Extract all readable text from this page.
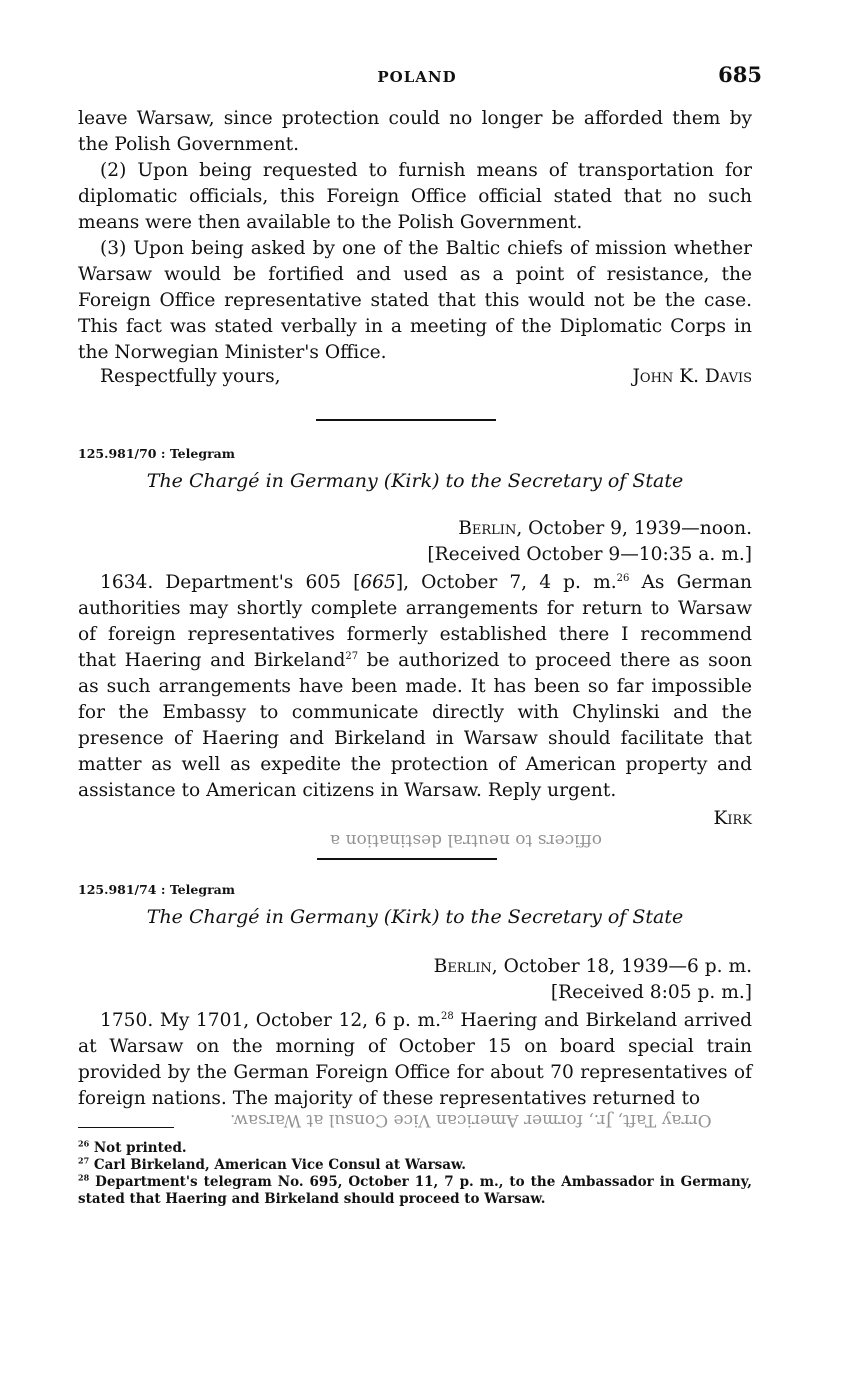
POLAND	685

leave Warsaw, since protection could no longer be afforded them by the Polish Government.

(2) Upon being requested to furnish means of transportation for diplomatic officials, this Foreign Office official stated that no such means were then available to the Polish Government.

(3) Upon being asked by one of the Baltic chiefs of mission whether Warsaw would be fortified and used as a point of resistance, the Foreign Office representative stated that this would not be the case. This fact was stated verbally in a meeting of the Diplomatic Corps in the Norwegian Minister's Office.

Respectfully yours,	John K. Davis
125.981/70 : Telegram
The Chargé in Germany (Kirk) to the Secretary of State
Berlin, October 9, 1939—noon.
[Received October 9—10:35 a. m.]
1634. Department's 605 [665], October 7, 4 p. m.$^{26}$ As German authorities may shortly complete arrangements for return to Warsaw of foreign representatives formerly established there I recommend that Haering and Birkeland$^{27}$ be authorized to proceed there as soon as such arrangements have been made. It has been so far impossible for the Embassy to communicate directly with Chylinski and the presence of Haering and Birkeland in Warsaw should facilitate that matter as well as expedite the protection of American property and assistance to American citizens in Warsaw. Reply urgent.
Kirk
125.981/74 : Telegram
The Chargé in Germany (Kirk) to the Secretary of State
Berlin, October 18, 1939—6 p. m.
[Received 8:05 p. m.]
1750. My 1701, October 12, 6 p. m.$^{28}$ Haering and Birkeland arrived at Warsaw on the morning of October 15 on board special train provided by the German Foreign Office for about 70 representatives of foreign nations. The majority of these representatives returned to
officers to neutral destination a
Orray Taft, Jr., former American Vice Consul at Warsaw.
$^{26}$ Not printed.
$^{27}$ Carl Birkeland, American Vice Consul at Warsaw.
$^{28}$ Department's telegram No. 695, October 11, 7 p. m., to the Ambassador in Germany, stated that Haering and Birkeland should proceed to Warsaw.
